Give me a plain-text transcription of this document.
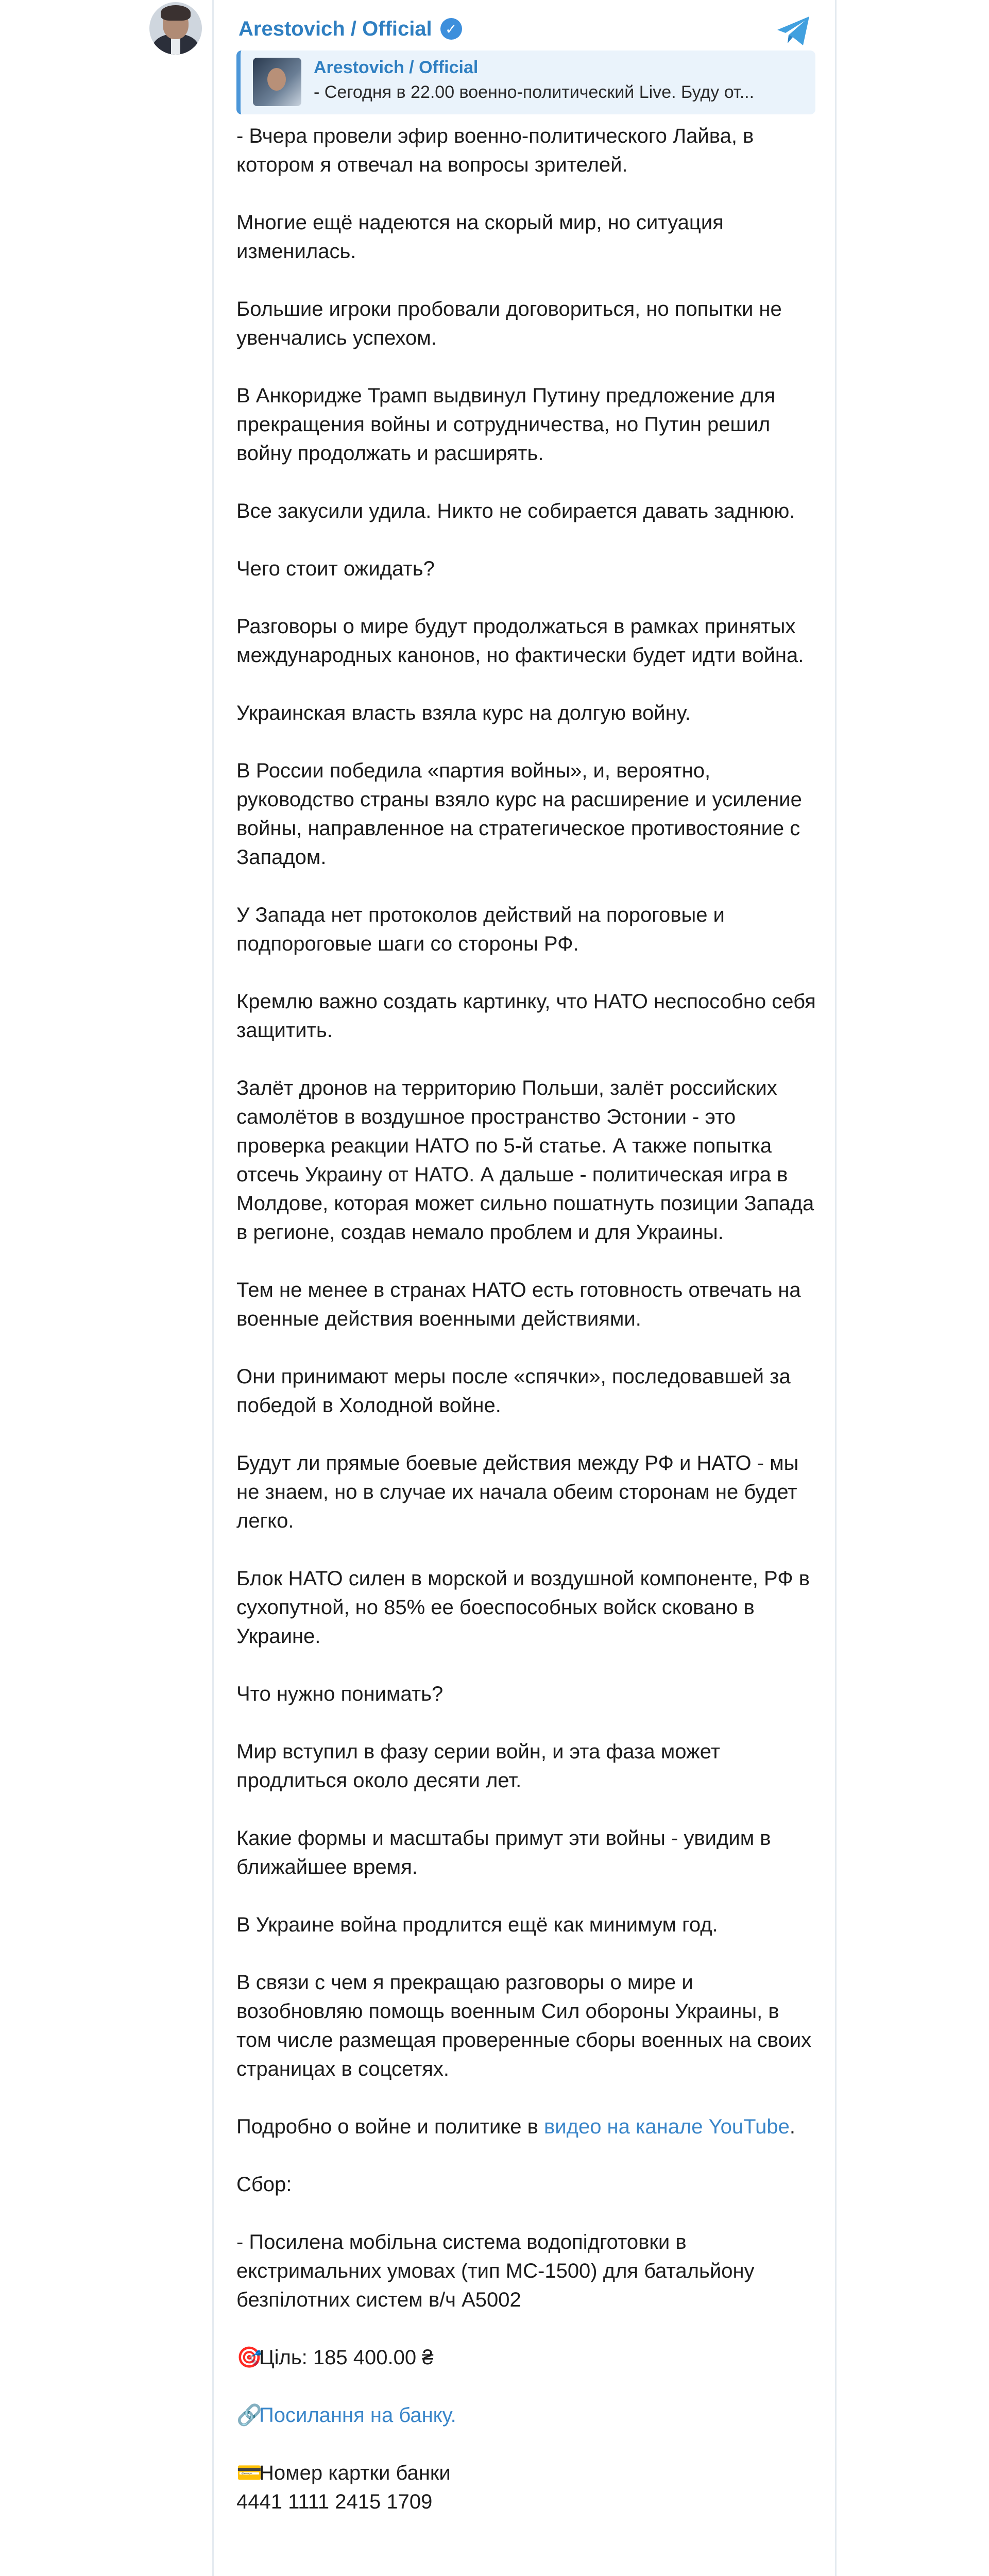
Arestovich / Official ✓
Arestovich / Official
- Сегодня в 22.00 военно-политический Live. Буду от...

- Вчера провели эфир военно-политического Лайва, в котором я отвечал на вопросы зрителей.

Многие ещё надеются на скорый мир, но ситуация изменилась.

Большие игроки пробовали договориться, но попытки не увенчались успехом.

В Анкоридже Трамп выдвинул Путину предложение для прекращения войны и сотрудничества, но Путин решил войну продолжать и расширять.

Все закусили удила. Никто не собирается давать заднюю.

Чего стоит ожидать?

Разговоры о мире будут продолжаться в рамках принятых международных канонов, но фактически будет идти война.

Украинская власть взяла курс на долгую войну.

В России победила «партия войны», и, вероятно, руководство страны взяло курс на расширение и усиление войны, направленное на стратегическое противостояние с Западом.

У Запада нет протоколов действий на пороговые и подпороговые шаги со стороны РФ.

Кремлю важно создать картинку, что НАТО неспособно себя защитить.

Залёт дронов на территорию Польши, залёт российских самолётов в воздушное пространство Эстонии - это проверка реакции НАТО по 5-й статье. А также попытка отсечь Украину от НАТО. А дальше - политическая игра в Молдове, которая может сильно пошатнуть позиции Запада в регионе, создав немало проблем и для Украины.

Тем не менее в странах НАТО есть готовность отвечать на военные действия военными действиями.

Они принимают меры после «спячки», последовавшей за победой в Холодной войне.

Будут ли прямые боевые действия между РФ и НАТО - мы не знаем, но в случае их начала обеим сторонам не будет легко.

Блок НАТО силен в морской и воздушной компоненте, РФ в сухопутной, но 85% ее боеспособных войск сковано в Украине.

Что нужно понимать?

Мир вступил в фазу серии войн, и эта фаза может продлиться около десяти лет.

Какие формы и масштабы примут эти войны - увидим в ближайшее время.

В Украине война продлится ещё как минимум год.

В связи с чем я прекращаю разговоры о мире и возобновляю помощь военным Сил обороны Украины, в том числе размещая проверенные сборы военных на своих страницах в соцсетях.

Подробно о войне и политике в видео на канале YouTube.

Сбор:

- Посилена мобільна система водопідготовки в екстримальних умовах (тип МС-1500) для батальйону безпілотних систем в/ч А5002

🎯Ціль: 185 400.00 ₴

🔗Посилання на банку.

💳Номер картки банки

4441 1111 2415 1709
